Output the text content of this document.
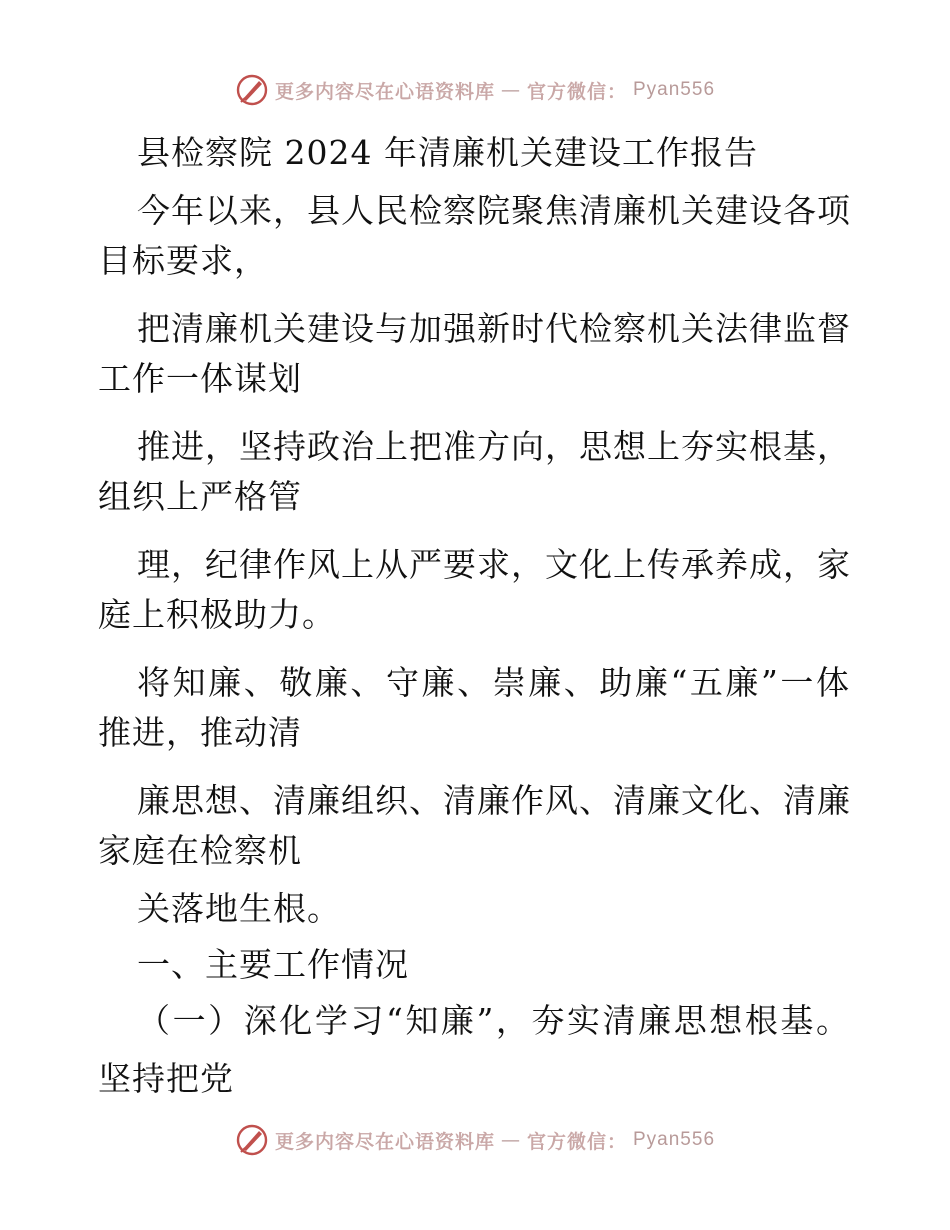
更多内容尽在心语资料库 — 官方微信： Pyan556
县检察院 2024 年清廉机关建设工作报告
今年以来，县人民检察院聚焦清廉机关建设各项
目标要求，
把清廉机关建设与加强新时代检察机关法律监督
工作一体谋划
推进，坚持政治上把准方向，思想上夯实根基，
组织上严格管
理，纪律作风上从严要求，文化上传承养成，家
庭上积极助力。
将知廉、敬廉、守廉、崇廉、助廉“五廉”一体
推进，推动清
廉思想、清廉组织、清廉作风、清廉文化、清廉
家庭在检察机
关落地生根。
一、主要工作情况
（一）深化学习“知廉”，夯实清廉思想根基。
坚持把党
更多内容尽在心语资料库 — 官方微信： Pyan556
